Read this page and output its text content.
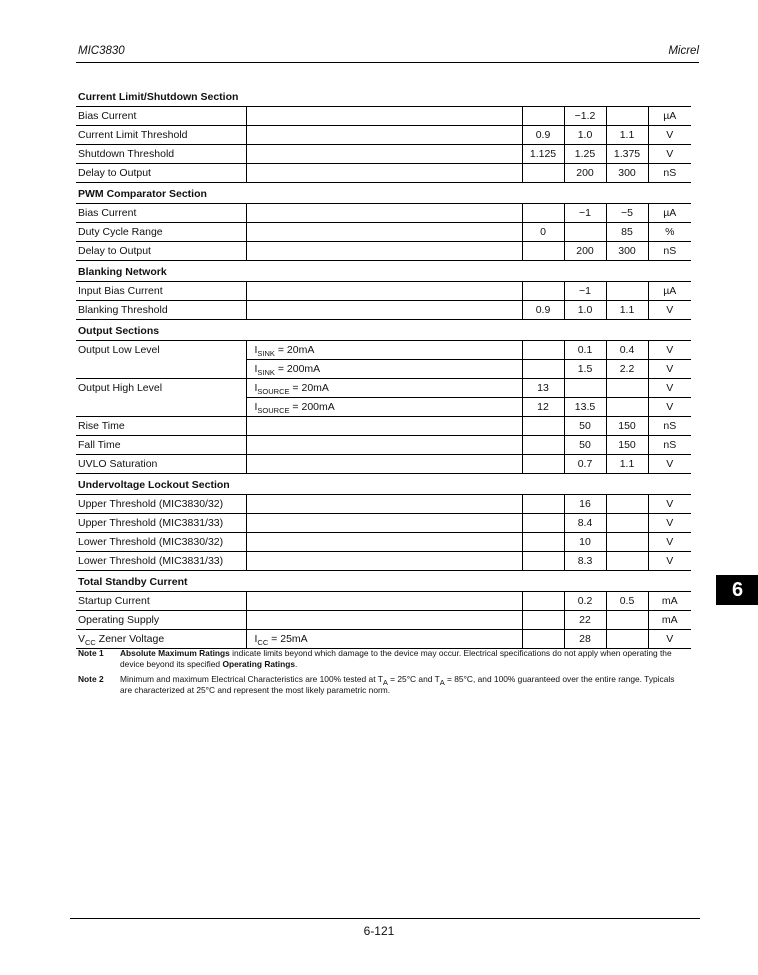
MIC3830	Micrel
Current Limit/Shutdown Section					
Bias Current			−1.2		µA
Current Limit Threshold		0.9	1.0	1.1	V
Shutdown Threshold		1.125	1.25	1.375	V
Delay to Output			200	300	nS
PWM Comparator Section					
Bias Current			−1	−5	µA
Duty Cycle Range		0		85	%
Delay to Output			200	300	nS
Blanking Network					
Input Bias Current			−1		µA
Blanking Threshold		0.9	1.0	1.1	V
Output Sections					
Output Low Level	$I_{SINK} = 20mA$		0.1	0.4	V
	$I_{SINK} = 200mA$		1.5	2.2	V
Output High Level	$I_{SOURCE} = 20mA$	13			V
	$I_{SOURCE} = 200mA$	12	13.5		V
Rise Time			50	150	nS
Fall Time			50	150	nS
UVLO Saturation			0.7	1.1	V
Undervoltage Lockout Section					
Upper Threshold (MIC3830/32)			16		V
Upper Threshold (MIC3831/33)			8.4		V
Lower Threshold (MIC3830/32)			10		V
Lower Threshold (MIC3831/33)			8.3		V
Total Standby Current					
Startup Current			0.2	0.5	mA
Operating Supply			22		mA
$V_{CC}$ Zener Voltage	$I_{CC} = 25mA$		28		V
Note 1	Absolute Maximum Ratings indicate limits beyond which damage to the device may occur. Electrical specifications do not apply when operating the device beyond its specified Operating Ratings.
Note 2	Minimum and maximum Electrical Characteristics are 100% tested at $T_A = 25^\circ C$ and $T_A = 85^\circ C$, and 100% guaranteed over the entire range. Typicals are characterized at 25°C and represent the most likely parametric norm.
6
6-121
